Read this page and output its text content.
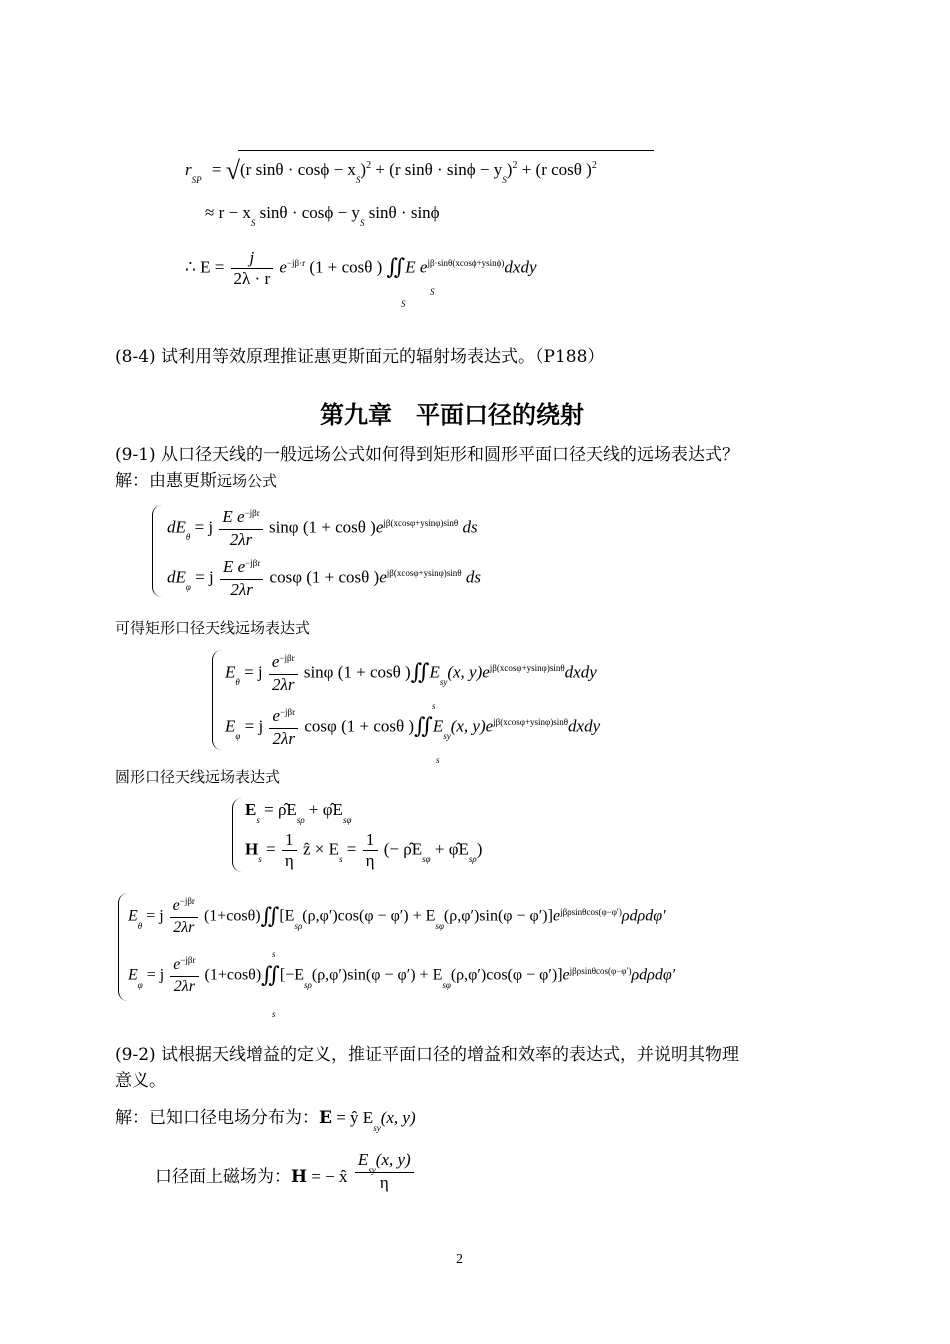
$r_{SP} = √(r$ $\sin\theta \cdot \cos\phi - x_S)^2 + (r$ $\sin\theta \cdot \sin\phi - y_S)^2 + (r$ cosθ )$^2$
≈ $r - x_S$ $\sin\theta \cdot \cos\phi - y_S$ sinθ · sinϕ
∴ $E = \frac{j}{2\lambda \cdot r} e^{-j\beta\cdot r}$ (1 + cosθ ) ∬ E $e^{j\beta\cdot sin\theta(xcos\phi+ysin\phi)}dxdy$
S
S
(8-4) 试利用等效原理推证惠更斯面元的辐射场表达式。（P188）
第九章　平面口径的绕射
(9-1) 从口径天线的一般远场公式如何得到矩形和圆形平面口径天线的远场表达式？
解：由惠更斯远场公式
$dE_\theta = j \frac{E e^{-j\beta r}}{2\lambda r}$ sinφ (1 + cosθ )$e^{j\beta(xcos\varphi+ysin\varphi)sin\theta}$ ds
$dE_\varphi = j \frac{E e^{-j\beta r}}{2\lambda r}$ cosφ (1 + cosθ )$e^{j\beta(xcos\varphi+ysin\varphi)sin\theta}$ ds
可得矩形口径天线远场表达式
$E_\theta = j \frac{e^{-j\beta r}}{2\lambda r}$ sinφ (1 + cosθ )∬ $E_{sy}(x$, $y)e^{j\beta(xcos\varphi+ysin\varphi)sin\theta}dxdy$
s
$E_\varphi = j \frac{e^{-j\beta r}}{2\lambda r}$ cosφ (1 + cosθ )∬ $E_{sy}(x$, $y)e^{j\beta(xcos\varphi+ysin\varphi)sin\theta}dxdy$
s
圆形口径天线远场表达式
$E_s$ = $\rhôE_{s\rho}$ + $\varphîE_{s\varphi}$
$H_s = \frac{1}{\eta}$ ẑ × $E_s = \frac{1}{\eta}$ (− $\rhôE_{s\varphi}$ + $\varphîE_{s\rho}$)
$E_\theta = j \frac{e^{-j\beta r}}{2\lambda r}$ (1+cosθ)∬ $[E_{s\rho}(\rho,\varphi')\cos(\varphi - \varphi') + E_{s\varphi}(\rho,\varphi')\sin(\varphi - \varphi')]e^{j\beta\rho sin\theta cos(\varphi-\varphi')}\rho d\rho d\varphi'$
s
$E_\varphi = j \frac{e^{-j\beta r}}{2\lambda r}$ (1+cosθ)∬ $[-E_{s\rho}(\rho,\varphi')\sin(\varphi - \varphi') + E_{s\varphi}(\rho,\varphi')\cos(\varphi - \varphi')]e^{j\beta\rho sin\theta cos(\varphi-\varphi')}\rho d\rho d\varphi'$
s
(9-2) 试根据天线增益的定义，推证平面口径的增益和效率的表达式，并说明其物理
意义。
解：已知口径电场分布为：E = ŷ $E_{sy}(x$, y)
口径面上磁场为：H = − x̂ $\frac{E_{sy}(x, y)}{\eta}$
2
